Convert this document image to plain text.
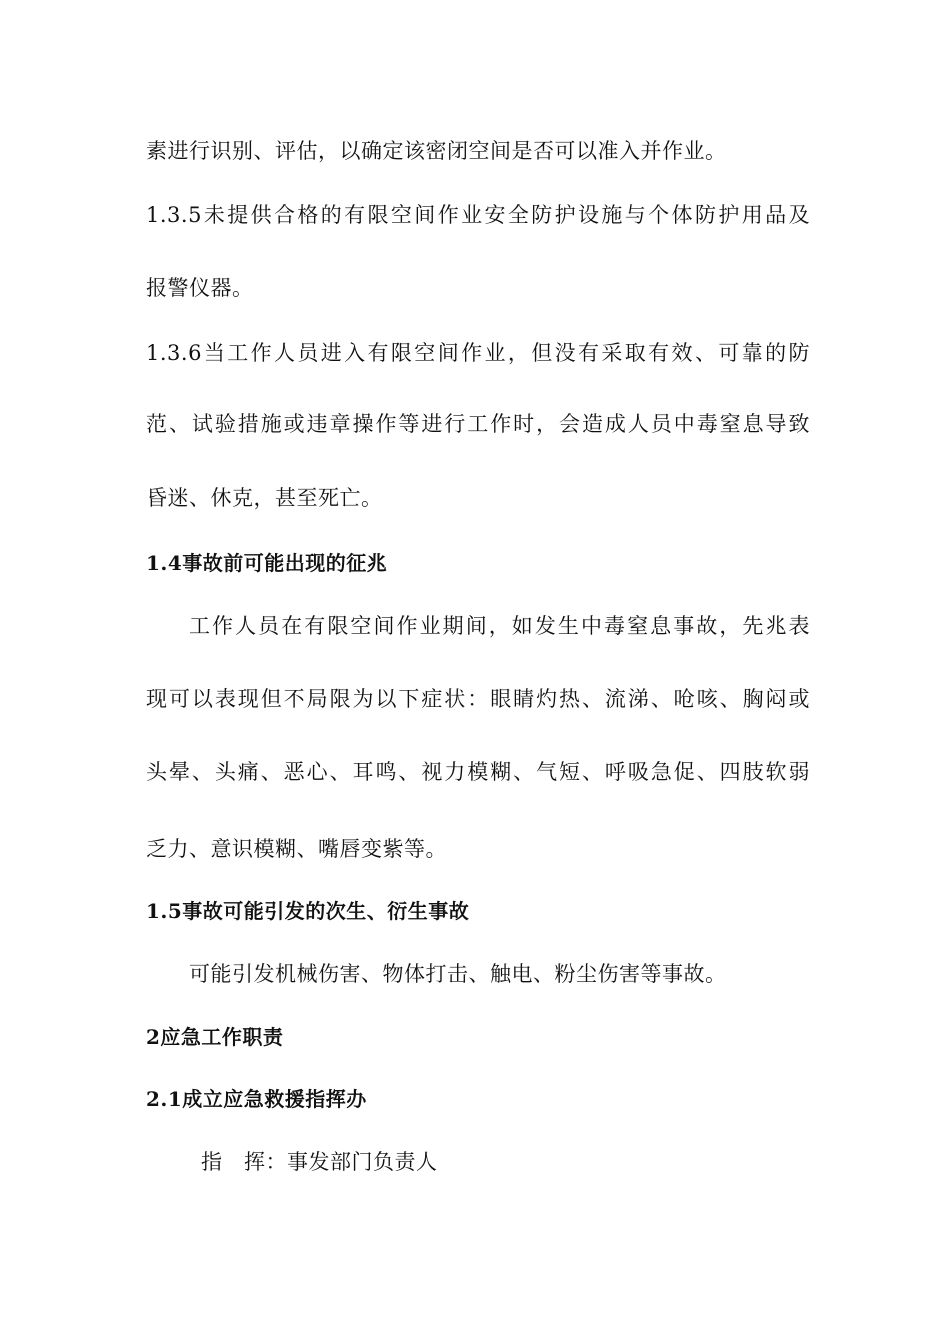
素进行识别、评估，以确定该密闭空间是否可以准入并作业。
1.3.5未提供合格的有限空间作业安全防护设施与个体防护用品及
报警仪器。
1.3.6当工作人员进入有限空间作业，但没有采取有效、可靠的防
范、试验措施或违章操作等进行工作时，会造成人员中毒窒息导致
昏迷、休克，甚至死亡。
1.4事故前可能出现的征兆
工作人员在有限空间作业期间，如发生中毒窒息事故，先兆表
现可以表现但不局限为以下症状：眼睛灼热、流涕、呛咳、胸闷或
头晕、头痛、恶心、耳鸣、视力模糊、气短、呼吸急促、四肢软弱
乏力、意识模糊、嘴唇变紫等。
1.5事故可能引发的次生、衍生事故
可能引发机械伤害、物体打击、触电、粉尘伤害等事故。
2应急工作职责
2.1成立应急救援指挥办
指　挥：事发部门负责人
